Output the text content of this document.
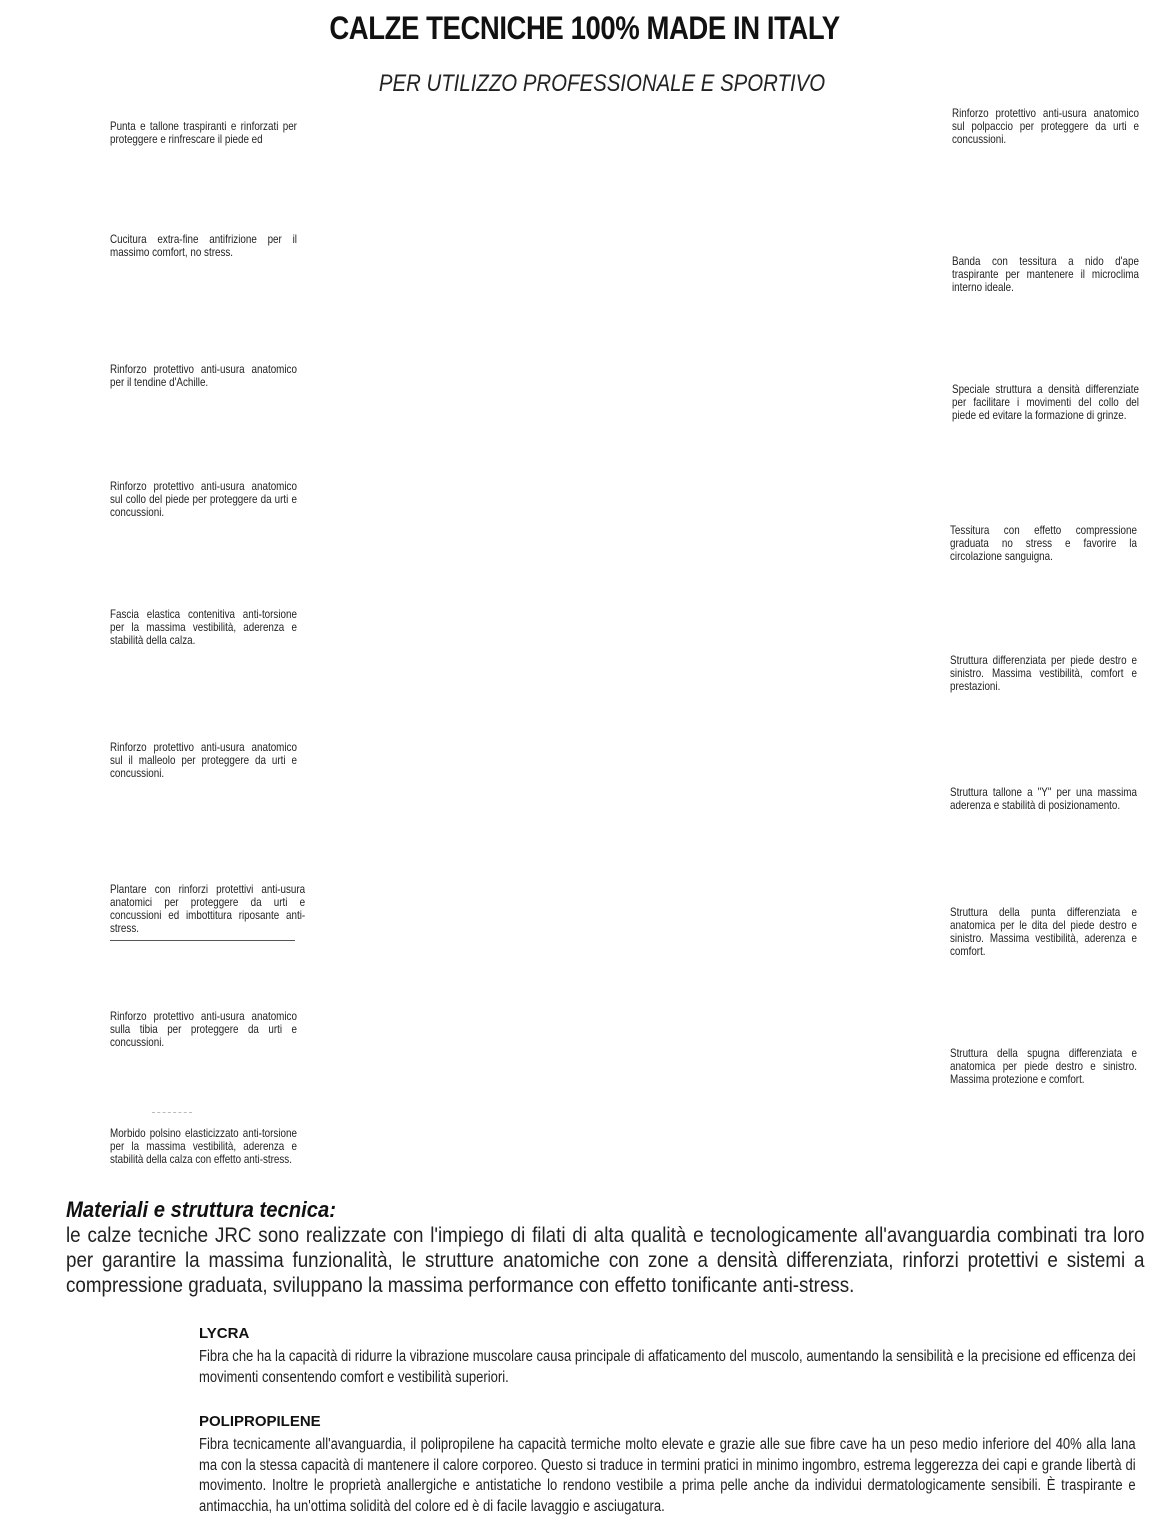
CALZE TECNICHE 100% MADE IN ITALY
PER UTILIZZO PROFESSIONALE E SPORTIVO
Punta e tallone traspiranti e rinforzati per proteggere e rinfrescare il piede ed
Cucitura extra-fine antifrizione per il massimo comfort, no stress.
Rinforzo protettivo anti-usura anatomico per il tendine d'Achille.
Rinforzo protettivo anti-usura anatomico sul collo del piede per proteggere da urti e concussioni.
Fascia elastica contenitiva anti-torsione per la massima vestibilità, aderenza e stabilità della calza.
Rinforzo protettivo anti-usura anatomico sul il malleolo per proteggere da urti e concussioni.
Plantare con rinforzi protettivi anti-usura anatomici per proteggere da urti e concussioni ed imbottitura riposante anti-stress.
Rinforzo protettivo anti-usura anatomico sulla tibia per proteggere da urti e concussioni.
Morbido polsino elasticizzato anti-torsione per la massima vestibilità, aderenza e stabilità della calza con effetto anti-stress.
Rinforzo protettivo anti-usura anatomico sul polpaccio per proteggere da urti e concussioni.
Banda con tessitura a nido d'ape traspirante per mantenere il microclima interno ideale.
Speciale struttura a densità differenziate per facilitare i movimenti del collo del piede ed evitare la formazione di grinze.
Tessitura con effetto compressione graduata no stress e favorire la circolazione sanguigna.
Struttura differenziata per piede destro e sinistro. Massima vestibilità, comfort e prestazioni.
Struttura tallone a "Y" per una massima aderenza e stabilità di posizionamento.
Struttura della punta differenziata e anatomica per le dita del piede destro e sinistro. Massima vestibilità, aderenza e comfort.
Struttura della spugna differenziata e anatomica per piede destro e sinistro. Massima protezione e comfort.
Materiali e struttura tecnica:
le calze tecniche JRC sono realizzate con l'impiego di filati di alta qualità e tecnologicamente all'avanguardia combinati tra loro per garantire la massima funzionalità, le strutture anatomiche con zone a densità differenziata, rinforzi protettivi e sistemi a compressione graduata, sviluppano la massima performance con effetto tonificante anti-stress.
LYCRA
Fibra che ha la capacità di ridurre la vibrazione muscolare causa principale di affaticamento del muscolo, aumentando la sensibilità e la precisione ed efficenza dei movimenti consentendo comfort e vestibilità superiori.
POLIPROPILENE
Fibra tecnicamente all'avanguardia, il polipropilene ha capacità termiche molto elevate e grazie alle sue fibre cave ha un peso medio inferiore del 40% alla lana ma con la stessa capacità di mantenere il calore corporeo. Questo si traduce in termini pratici in minimo ingombro, estrema leggerezza dei capi e grande libertà di movimento. Inoltre le proprietà anallergiche e antistatiche lo rendono vestibile a prima pelle anche da individui dermatologicamente sensibili. È traspirante e antimacchia, ha un'ottima solidità del colore ed è di facile lavaggio e asciugatura.
